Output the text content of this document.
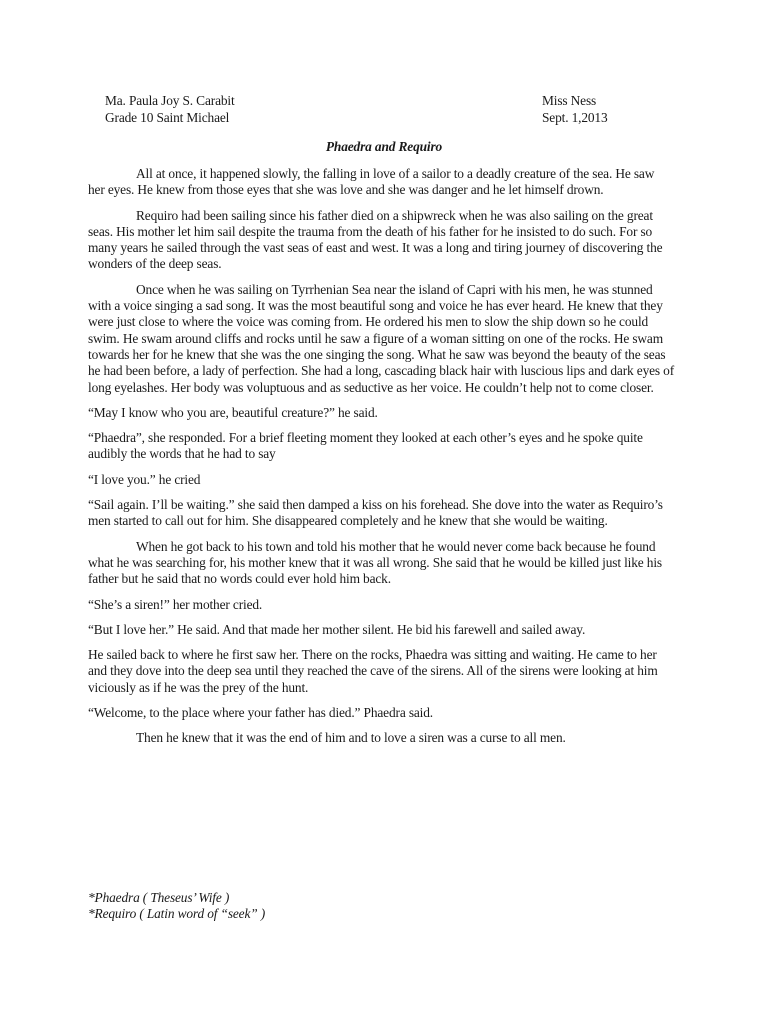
Ma. Paula Joy S. Carabit
Grade 10 Saint Michael
Miss Ness
Sept. 1,2013
Phaedra and Requiro

All at once, it happened slowly, the falling in love of a sailor to a deadly creature of the sea. He saw her eyes. He knew from those eyes that she was love and she was danger and he let himself drown.

Requiro had been sailing since his father died on a shipwreck when he was also sailing on the great seas. His mother let him sail despite the trauma from the death of his father for he insisted to do such. For so many years he sailed through the vast seas of east and west. It was a long and tiring journey of discovering the wonders of the deep seas.

Once when he was sailing on Tyrrhenian Sea near the island of Capri with his men, he was stunned with a voice singing a sad song. It was the most beautiful song and voice he has ever heard. He knew that they were just close to where the voice was coming from. He ordered his men to slow the ship down so he could swim. He swam around cliffs and rocks until he saw a figure of a woman sitting on one of the rocks. He swam towards her for he knew that she was the one singing the song. What he saw was beyond the beauty of the seas he had been before, a lady of perfection. She had a long, cascading black hair with luscious lips and dark eyes of long eyelashes. Her body was voluptuous and as seductive as her voice. He couldn’t help not to come closer.

“May I know who you are, beautiful creature?” he said.

“Phaedra”, she responded. For a brief fleeting moment they looked at each other’s eyes and he spoke quite audibly the words that he had to say

“I love you.” he cried

“Sail again. I’ll be waiting.” she said then damped a kiss on his forehead. She dove into the water as Requiro’s men started to call out for him. She disappeared completely and he knew that she would be waiting.

When he got back to his town and told his mother that he would never come back because he found what he was searching for, his mother knew that it was all wrong. She said that he would be killed just like his father but he said that no words could ever hold him back.

“She’s a siren!” her mother cried.

“But I love her.” He said. And that made her mother silent. He bid his farewell and sailed away.

He sailed back to where he first saw her. There on the rocks, Phaedra was sitting and waiting. He came to her and they dove into the deep sea until they reached the cave of the sirens. All of the sirens were looking at him viciously as if he was the prey of the hunt.

“Welcome, to the place where your father has died.” Phaedra said.

Then he knew that it was the end of him and to love a siren was a curse to all men.

*Phaedra ( Theseus’ Wife )
*Requiro ( Latin word of “seek” )
